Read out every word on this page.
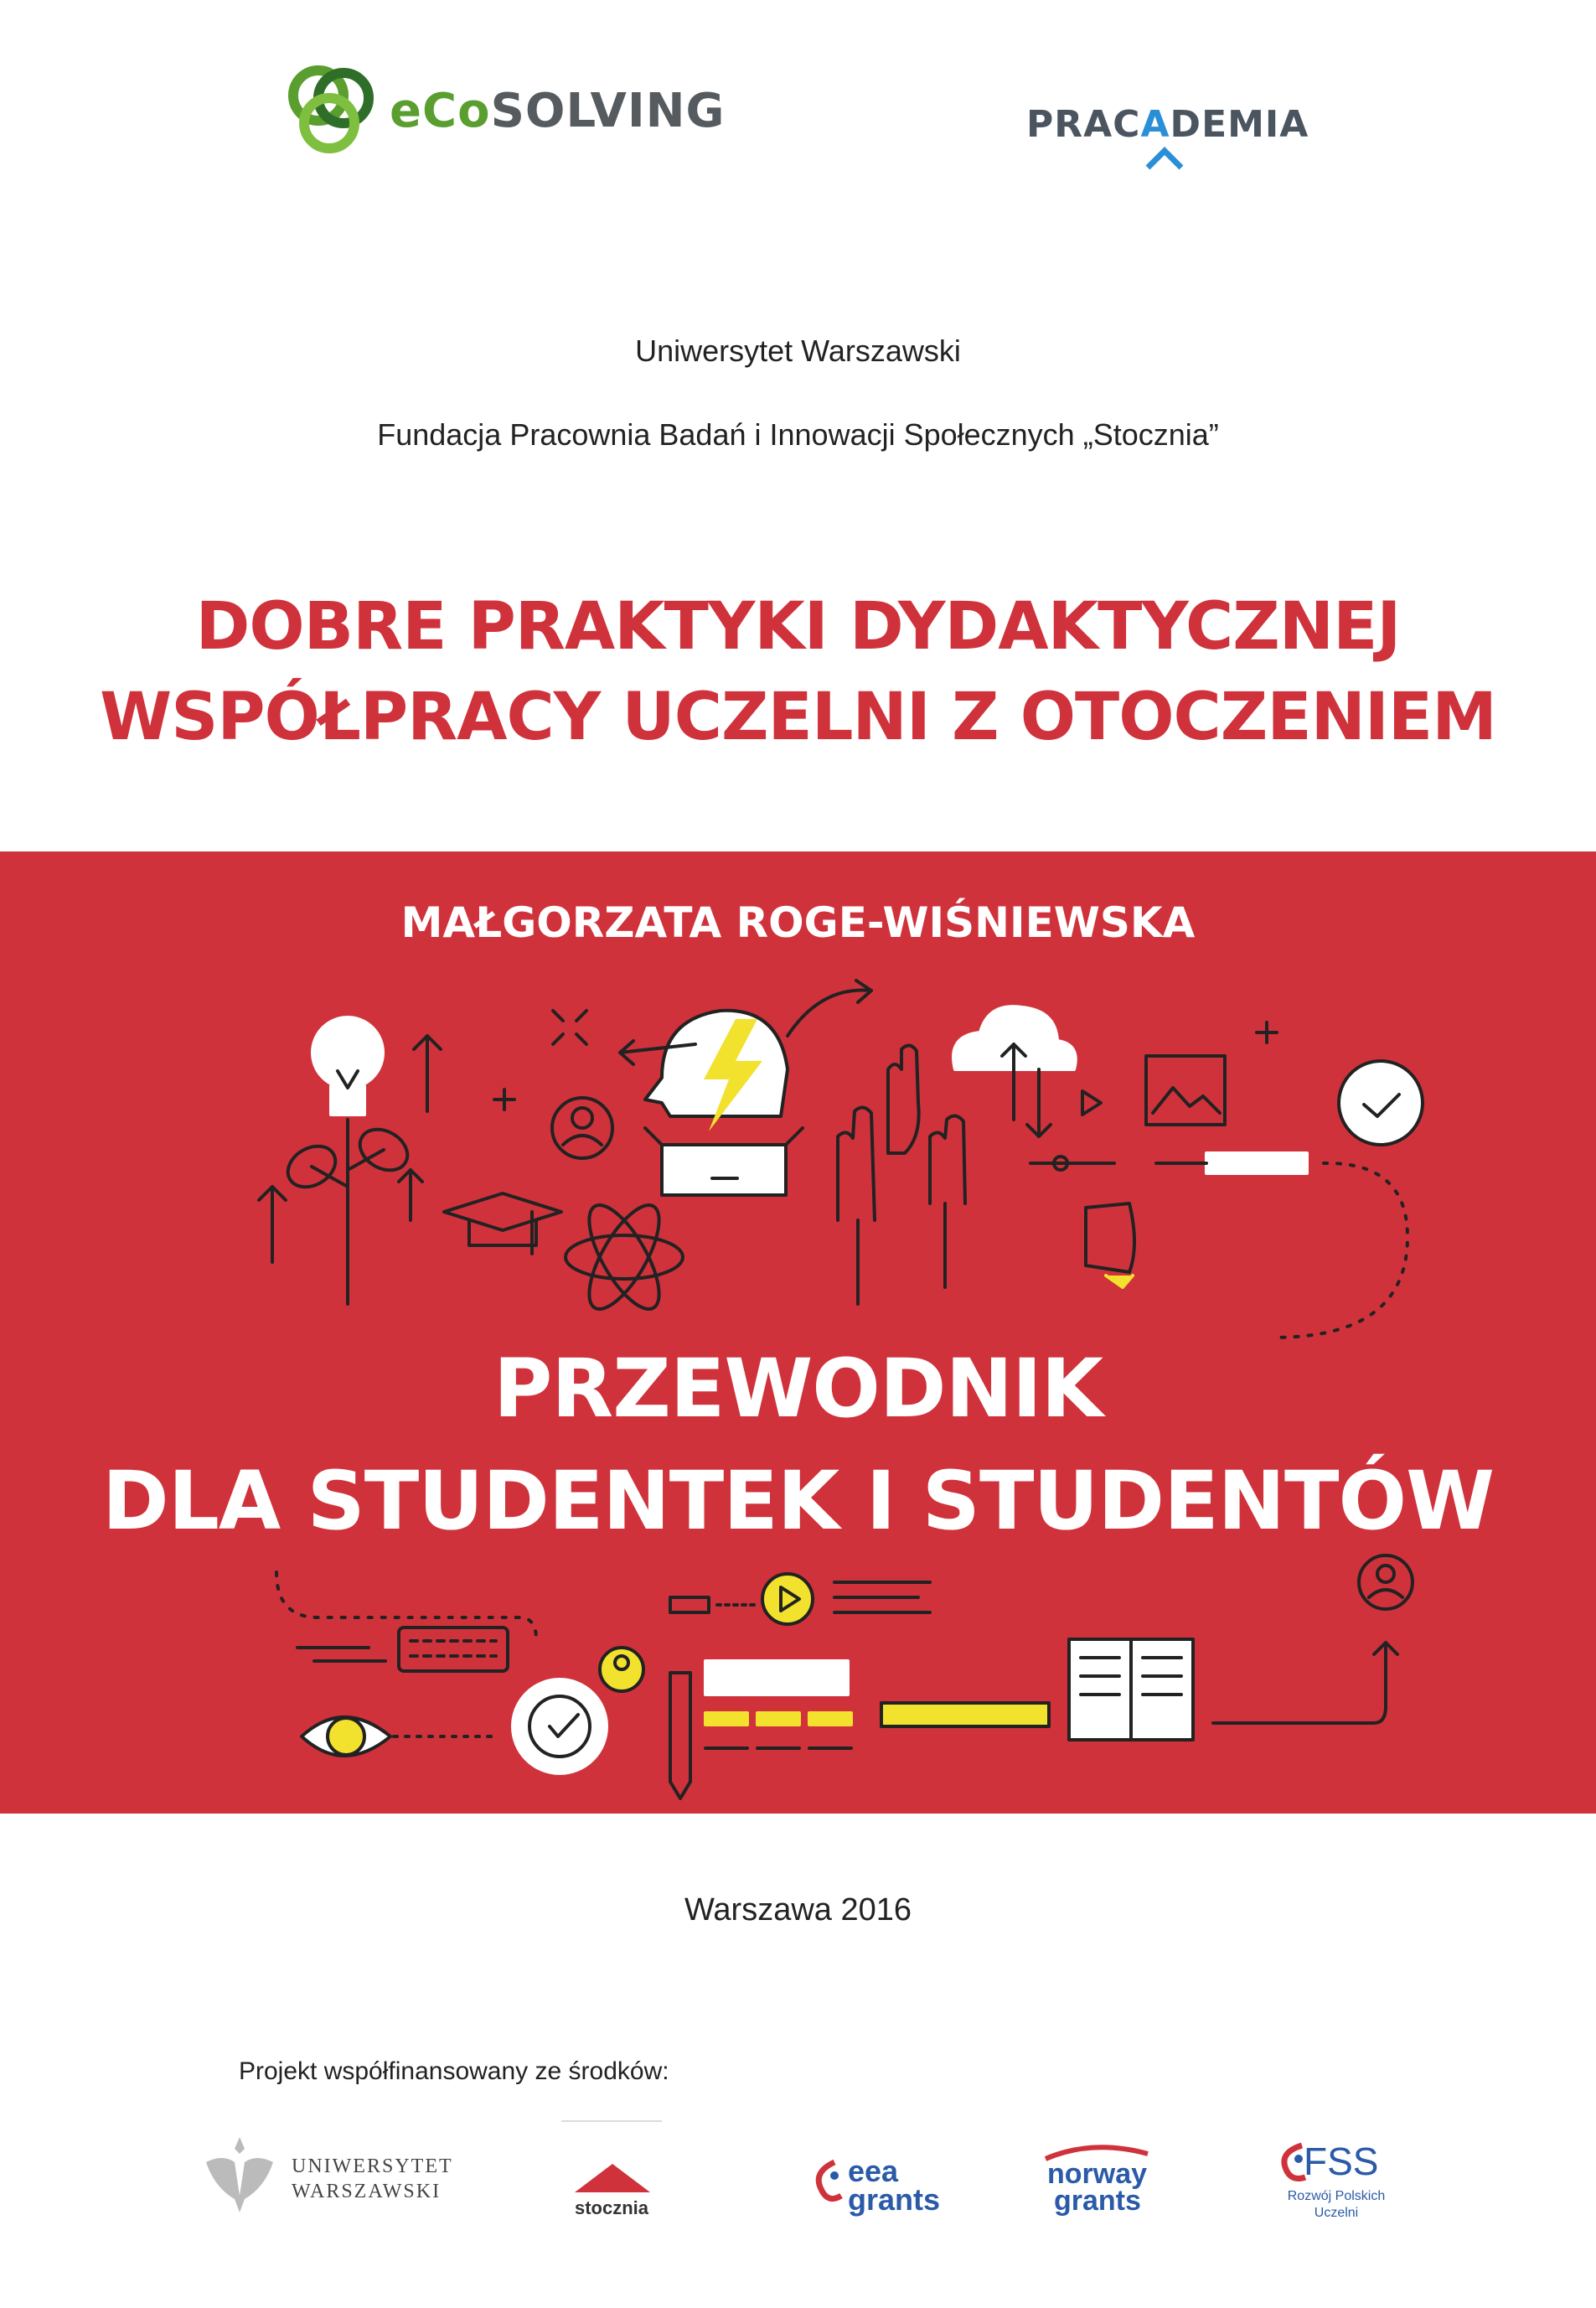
eCoSOLVING	PRACADEMIA
Uniwersytet Warszawski
Fundacja Pracownia Badań i Innowacji Społecznych „Stocznia”
DOBRE PRAKTYKI DYDAKTYCZNEJ
WSPÓŁPRACY UCZELNI Z OTOCZENIEM
MAŁGORZATA ROGE-WIŚNIEWSKA
PRZEWODNIK
DLA STUDENTEK I STUDENTÓW
Warszawa 2016
Projekt współfinansowany ze środków:
UNIWERSYTET
WARSZAWSKI
stocznia
eea
grants
norway
grants
FSS
Rozwój Polskich
Uczelni
